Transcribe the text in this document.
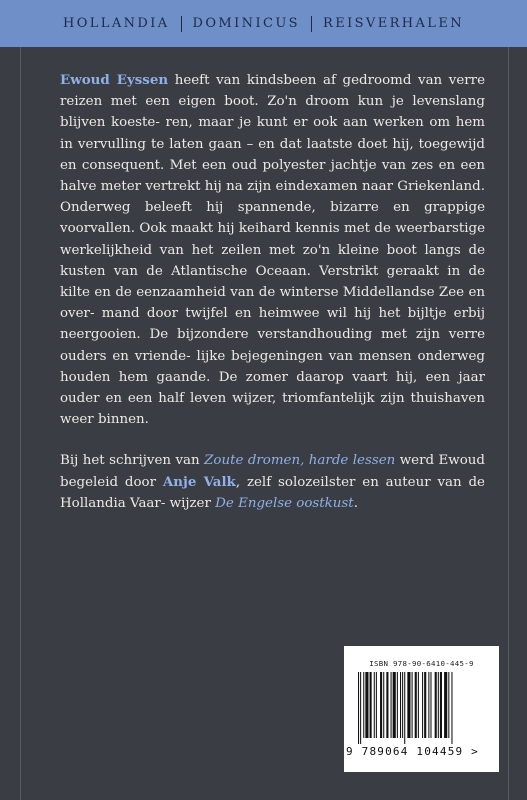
HOLLANDIA DOMINICUS REISVERHALEN

Ewoud Eyssen heeft van kindsbeen af gedroomd van verre reizen met een eigen boot. Zo'n droom kun je levenslang blijven koeste- ren, maar je kunt er ook aan werken om hem in vervulling te laten gaan – en dat laatste doet hij, toegewijd en consequent. Met een oud polyester jachtje van zes en een halve meter vertrekt hij na zijn eindexamen naar Griekenland. Onderweg beleeft hij spannende, bizarre en grappige voorvallen. Ook maakt hij keihard kennis met de weerbarstige werkelijkheid van het zeilen met zo'n kleine boot langs de kusten van de Atlantische Oceaan. Verstrikt geraakt in de kilte en de eenzaamheid van de winterse Middellandse Zee en over- mand door twijfel en heimwee wil hij het bijltje erbij neergooien. De bijzondere verstandhouding met zijn verre ouders en vriende- lijke bejegeningen van mensen onderweg houden hem gaande. De zomer daarop vaart hij, een jaar ouder en een half leven wijzer, triomfantelijk zijn thuishaven weer binnen.

Bij het schrijven van Zoute dromen, harde lessen werd Ewoud begeleid door Anje Valk, zelf solozeilster en auteur van de Hollandia Vaar- wijzer De Engelse oostkust.

ISBN 978-90-6410-445-9
9 789064 104459 >
